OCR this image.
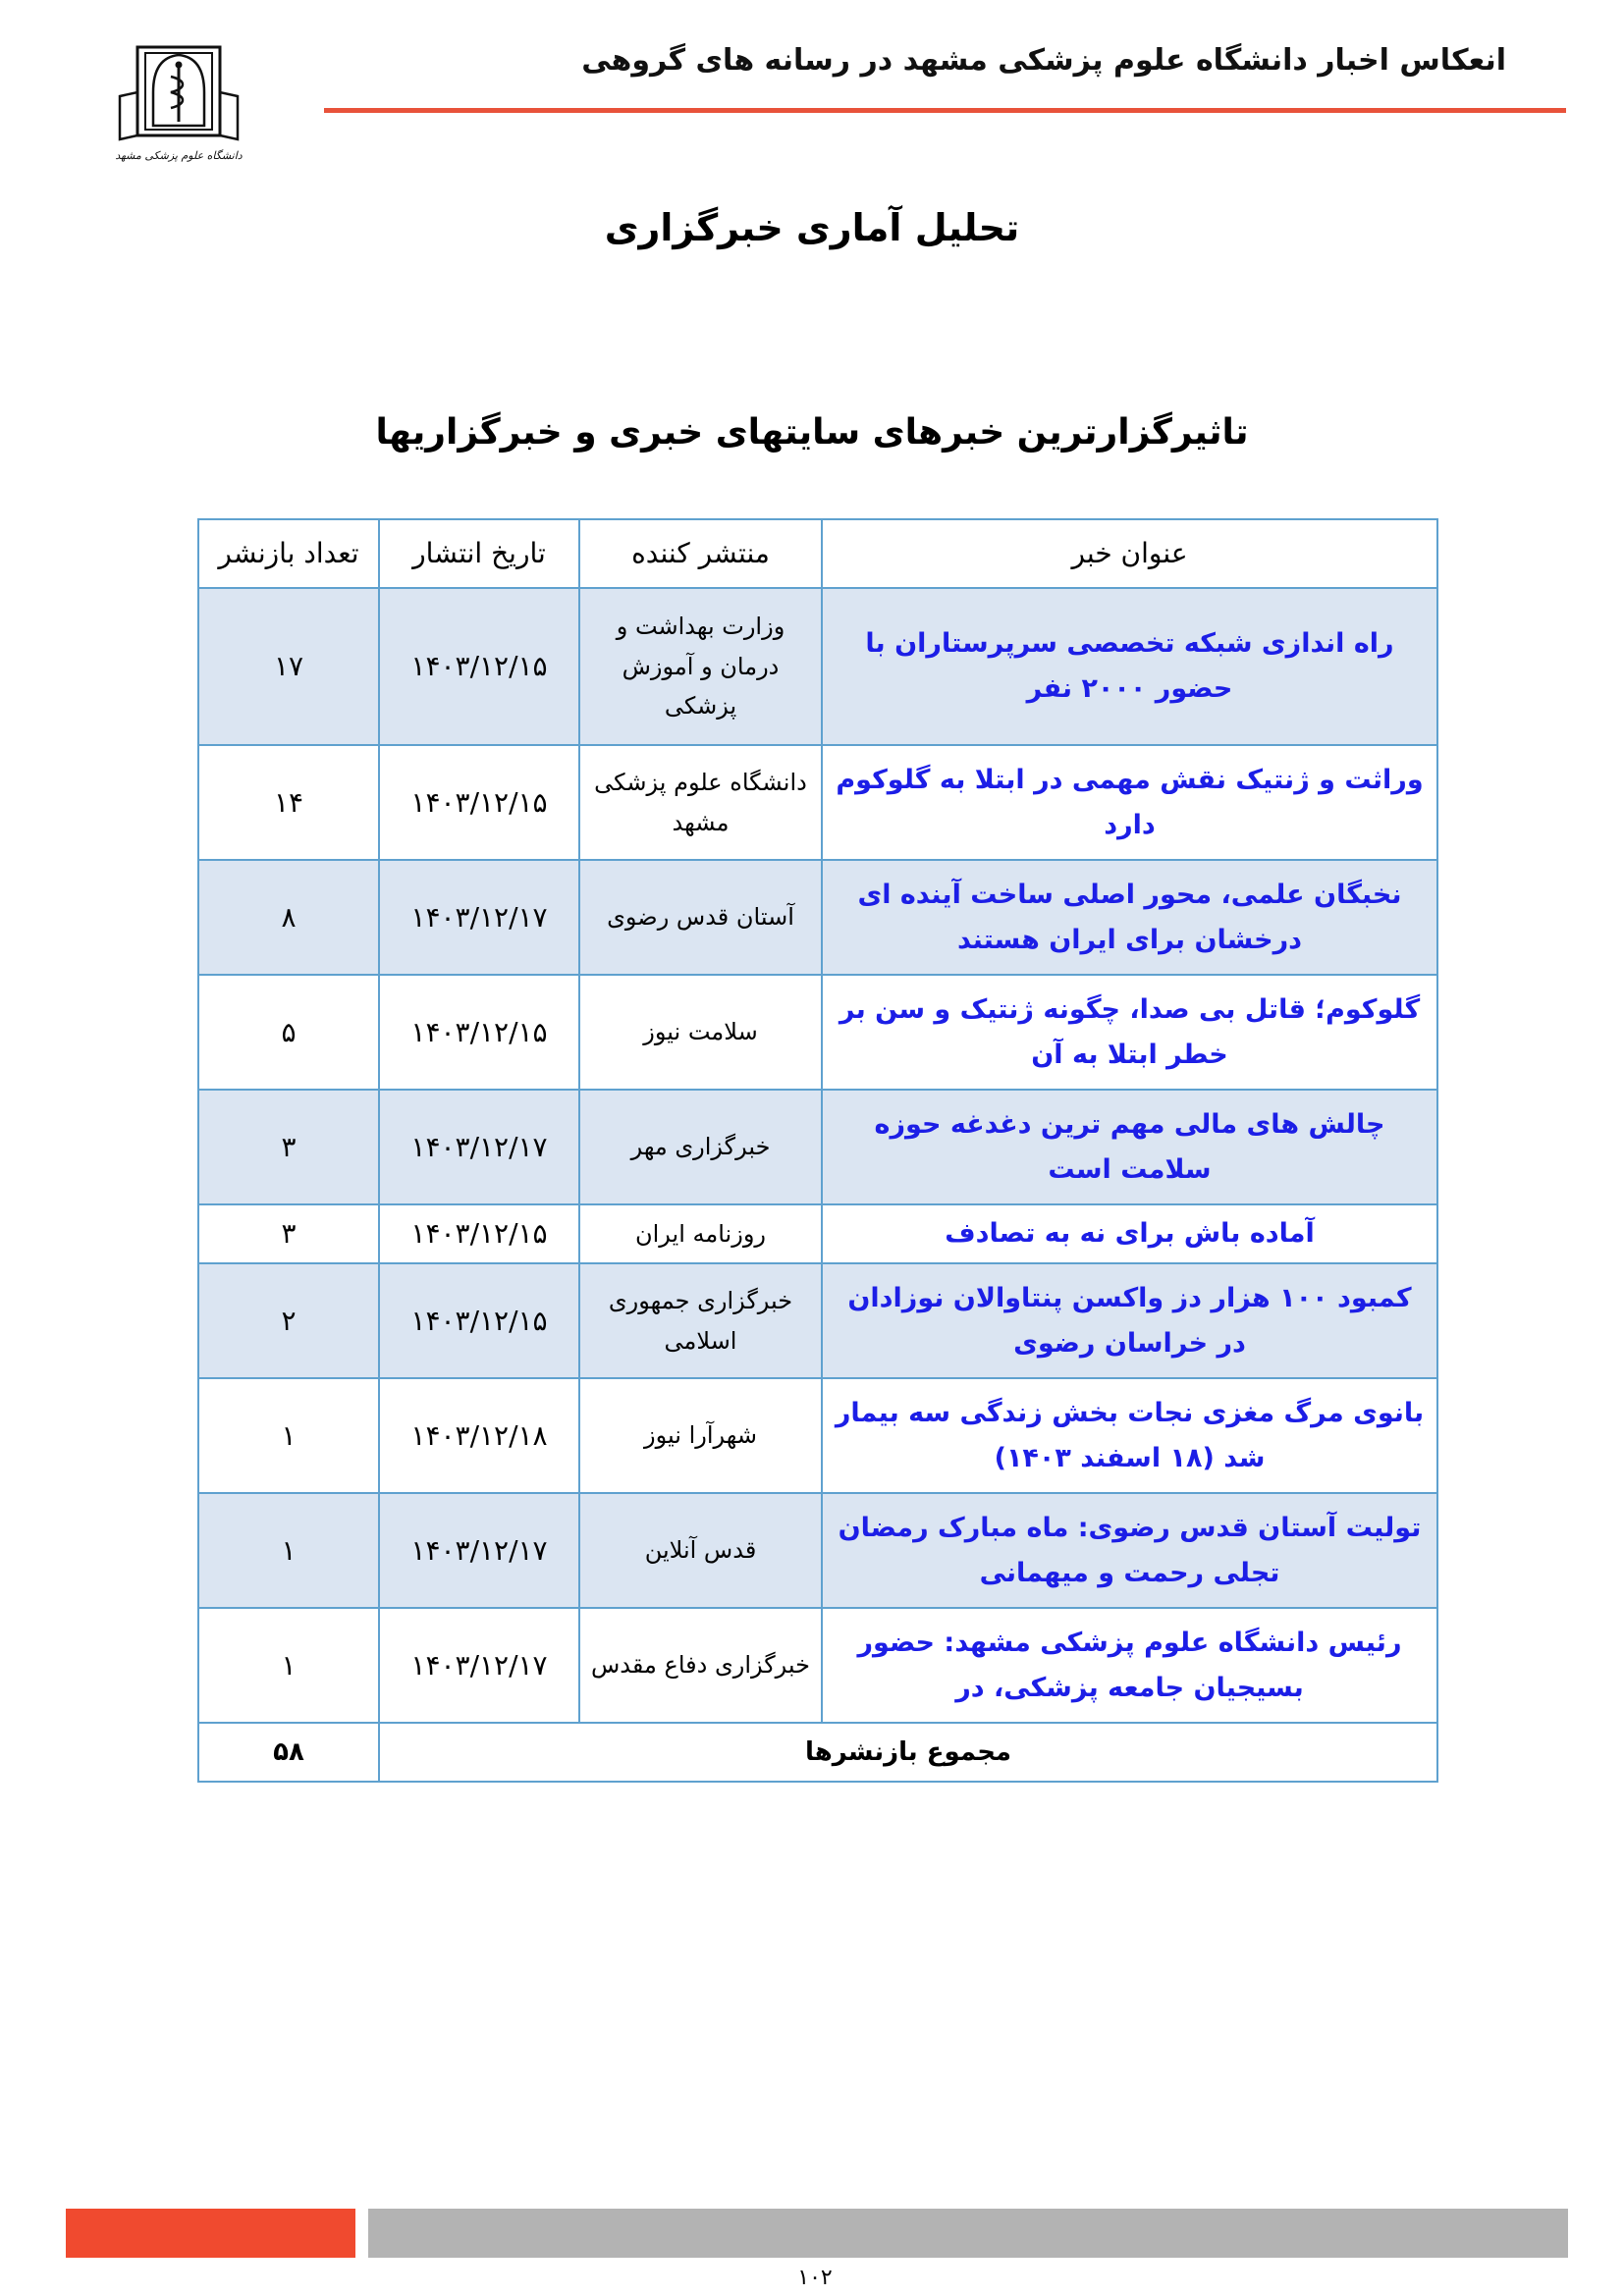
انعکاس اخبار دانشگاه علوم پزشکی مشهد در رسانه های گروهی
دانشگاه علوم پزشکی مشهد
تحلیل آماری خبرگزاری
تاثیرگزارترین خبرهای سایتهای خبری و خبرگزاریها
عنوان خبر	منتشر کننده	تاریخ انتشار	تعداد بازنشر
راه اندازی شبکه تخصصی سرپرستاران با حضور ۲۰۰۰ نفر	وزارت بهداشت و درمان و آموزش پزشکی	۱۴۰۳/۱۲/۱۵	۱۷
وراثت و ژنتیک نقش مهمی در ابتلا به گلوکوم دارد	دانشگاه علوم پزشکی مشهد	۱۴۰۳/۱۲/۱۵	۱۴
نخبگان علمی، محور اصلی ساخت آینده ای درخشان برای ایران هستند	آستان قدس رضوی	۱۴۰۳/۱۲/۱۷	۸
گلوکوم؛ قاتل بی صدا، چگونه ژنتیک و سن بر خطر ابتلا به آن	سلامت نیوز	۱۴۰۳/۱۲/۱۵	۵
چالش های مالی مهم ترین دغدغه حوزه سلامت است	خبرگزاری مهر	۱۴۰۳/۱۲/۱۷	۳
آماده باش برای نه به تصادف	روزنامه ایران	۱۴۰۳/۱۲/۱۵	۳
کمبود ۱۰۰ هزار دز واکسن پنتاوالان نوزادان در خراسان رضوی	خبرگزاری جمهوری اسلامی	۱۴۰۳/۱۲/۱۵	۲
بانوی مرگ مغزی نجات بخش زندگی سه بیمار شد (۱۸ اسفند ۱۴۰۳)	شهرآرا نیوز	۱۴۰۳/۱۲/۱۸	۱
تولیت آستان قدس رضوی: ماه مبارک رمضان تجلی رحمت و میهمانی	قدس آنلاین	۱۴۰۳/۱۲/۱۷	۱
رئیس دانشگاه علوم پزشکی مشهد: حضور بسیجیان جامعه پزشکی، در	خبرگزاری دفاع مقدس	۱۴۰۳/۱۲/۱۷	۱
مجموع بازنشرها			۵۸
۱۰۲
